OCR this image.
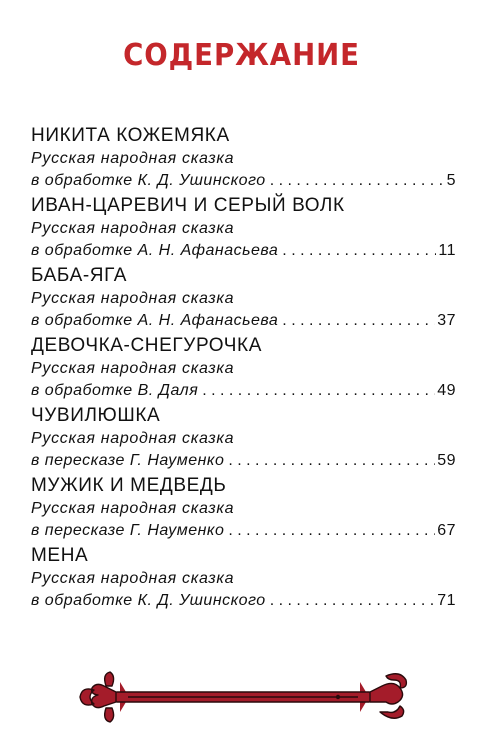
СОДЕРЖАНИЕ
НИКИТА КОЖЕМЯКА
Русская народная сказка
в обработке К. Д. Ушинского . . .	5
ИВАН-ЦАРЕВИЧ И СЕРЫЙ ВОЛК
Русская народная сказка
в обработке А. Н. Афанасьева . . .	11
БАБА-ЯГА
Русская народная сказка
в обработке А. Н. Афанасьева . . .	37
ДЕВОЧКА-СНЕГУРОЧКА
Русская народная сказка
в обработке В. Даля . . .	49
ЧУВИЛЮШКА
Русская народная сказка
в пересказе Г. Науменко . . .	59
МУЖИК И МЕДВЕДЬ
Русская народная сказка
в пересказе Г. Науменко . . .	67
МЕНА
Русская народная сказка
в обработке К. Д. Ушинского . . .	71
